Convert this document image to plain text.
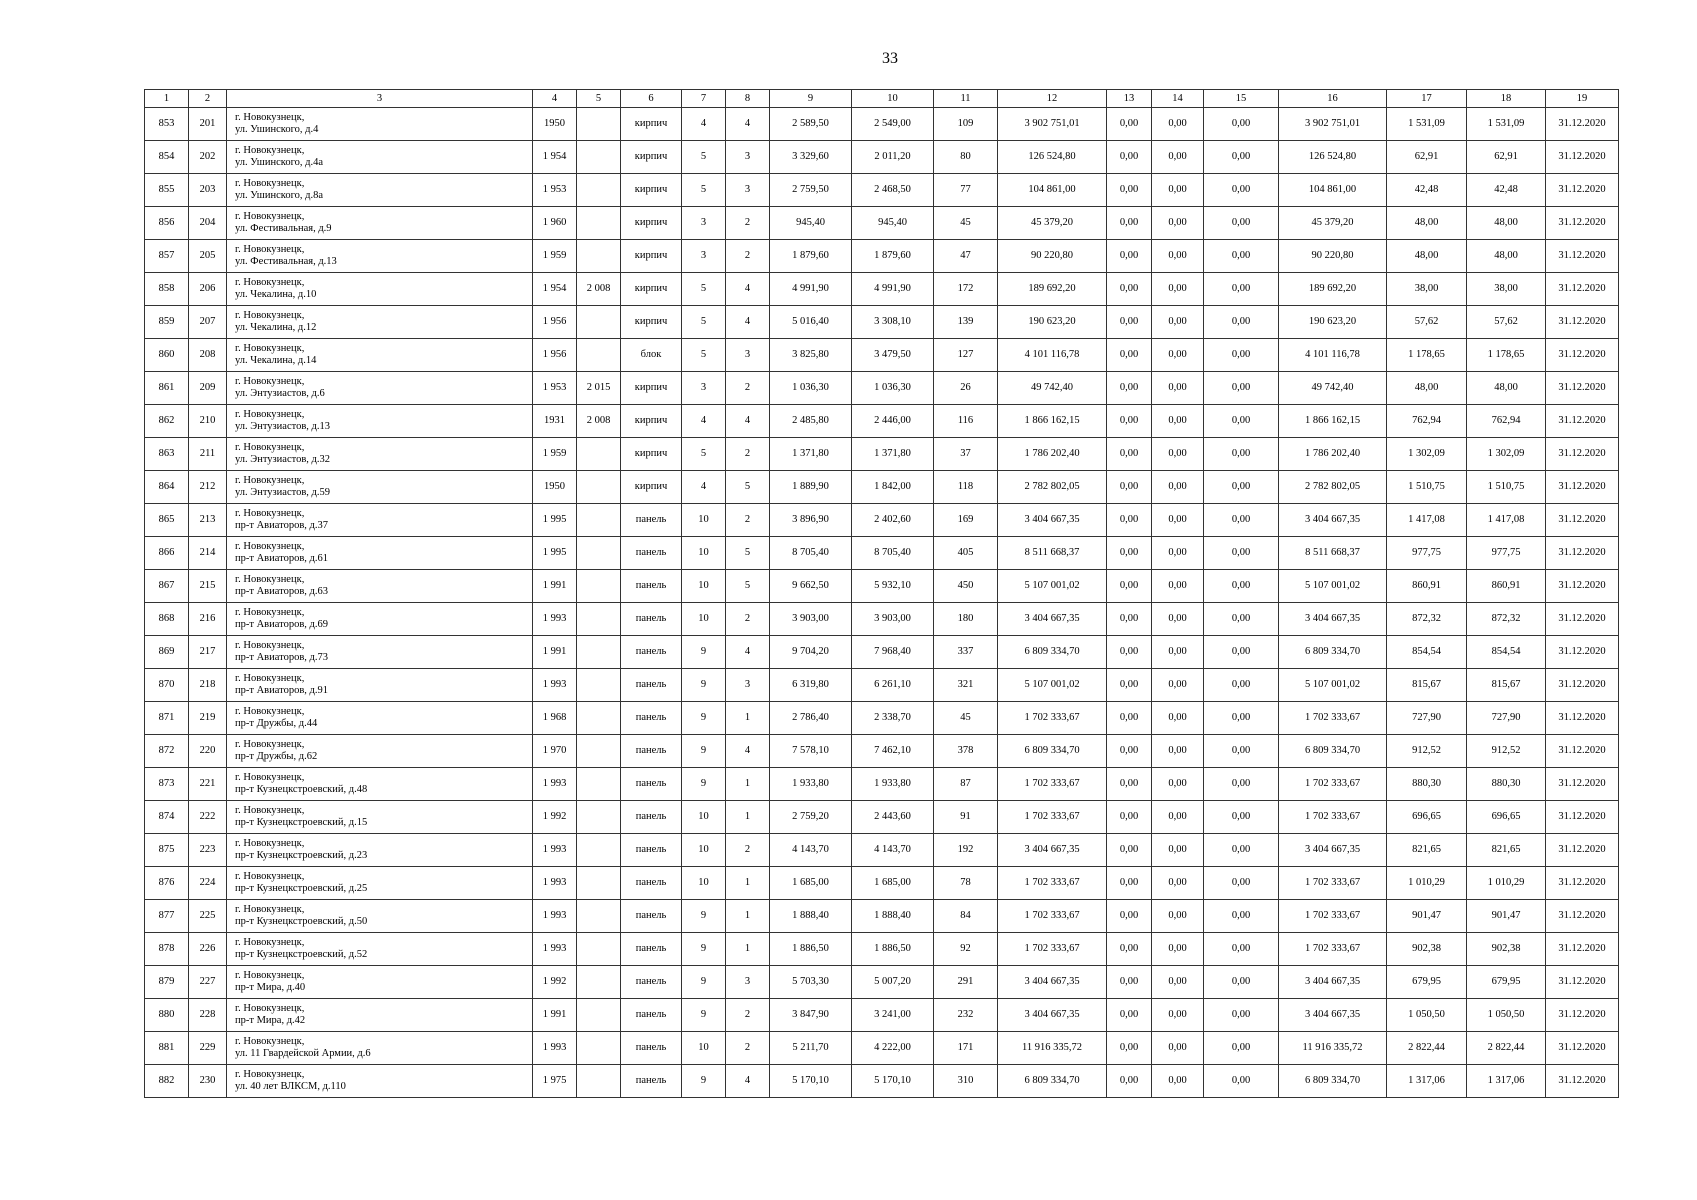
33
1	2	3	4	5	6	7	8	9	10	11	12	13	14	15	16	17	18	19
853	201	г. Новокузнецк,
ул. Ушинского, д.4	1950		кирпич	4	4	2 589,50	2 549,00	109	3 902 751,01	0,00	0,00	0,00	3 902 751,01	1 531,09	1 531,09	31.12.2020
854	202	г. Новокузнецк,
ул. Ушинского, д.4а	1 954		кирпич	5	3	3 329,60	2 011,20	80	126 524,80	0,00	0,00	0,00	126 524,80	62,91	62,91	31.12.2020
855	203	г. Новокузнецк,
ул. Ушинского, д.8а	1 953		кирпич	5	3	2 759,50	2 468,50	77	104 861,00	0,00	0,00	0,00	104 861,00	42,48	42,48	31.12.2020
856	204	г. Новокузнецк,
ул. Фестивальная, д.9	1 960		кирпич	3	2	945,40	945,40	45	45 379,20	0,00	0,00	0,00	45 379,20	48,00	48,00	31.12.2020
857	205	г. Новокузнецк,
ул. Фестивальная, д.13	1 959		кирпич	3	2	1 879,60	1 879,60	47	90 220,80	0,00	0,00	0,00	90 220,80	48,00	48,00	31.12.2020
858	206	г. Новокузнецк,
ул. Чекалина, д.10	1 954	2 008	кирпич	5	4	4 991,90	4 991,90	172	189 692,20	0,00	0,00	0,00	189 692,20	38,00	38,00	31.12.2020
859	207	г. Новокузнецк,
ул. Чекалина, д.12	1 956		кирпич	5	4	5 016,40	3 308,10	139	190 623,20	0,00	0,00	0,00	190 623,20	57,62	57,62	31.12.2020
860	208	г. Новокузнецк,
ул. Чекалина, д.14	1 956		блок	5	3	3 825,80	3 479,50	127	4 101 116,78	0,00	0,00	0,00	4 101 116,78	1 178,65	1 178,65	31.12.2020
861	209	г. Новокузнецк,
ул. Энтузиастов, д.6	1 953	2 015	кирпич	3	2	1 036,30	1 036,30	26	49 742,40	0,00	0,00	0,00	49 742,40	48,00	48,00	31.12.2020
862	210	г. Новокузнецк,
ул. Энтузиастов, д.13	1931	2 008	кирпич	4	4	2 485,80	2 446,00	116	1 866 162,15	0,00	0,00	0,00	1 866 162,15	762,94	762,94	31.12.2020
863	211	г. Новокузнецк,
ул. Энтузиастов, д.32	1 959		кирпич	5	2	1 371,80	1 371,80	37	1 786 202,40	0,00	0,00	0,00	1 786 202,40	1 302,09	1 302,09	31.12.2020
864	212	г. Новокузнецк,
ул. Энтузиастов, д.59	1950		кирпич	4	5	1 889,90	1 842,00	118	2 782 802,05	0,00	0,00	0,00	2 782 802,05	1 510,75	1 510,75	31.12.2020
865	213	г. Новокузнецк,
пр-т Авиаторов, д.37	1 995		панель	10	2	3 896,90	2 402,60	169	3 404 667,35	0,00	0,00	0,00	3 404 667,35	1 417,08	1 417,08	31.12.2020
866	214	г. Новокузнецк,
пр-т Авиаторов, д.61	1 995		панель	10	5	8 705,40	8 705,40	405	8 511 668,37	0,00	0,00	0,00	8 511 668,37	977,75	977,75	31.12.2020
867	215	г. Новокузнецк,
пр-т Авиаторов, д.63	1 991		панель	10	5	9 662,50	5 932,10	450	5 107 001,02	0,00	0,00	0,00	5 107 001,02	860,91	860,91	31.12.2020
868	216	г. Новокузнецк,
пр-т Авиаторов, д.69	1 993		панель	10	2	3 903,00	3 903,00	180	3 404 667,35	0,00	0,00	0,00	3 404 667,35	872,32	872,32	31.12.2020
869	217	г. Новокузнецк,
пр-т Авиаторов, д.73	1 991		панель	9	4	9 704,20	7 968,40	337	6 809 334,70	0,00	0,00	0,00	6 809 334,70	854,54	854,54	31.12.2020
870	218	г. Новокузнецк,
пр-т Авиаторов, д.91	1 993		панель	9	3	6 319,80	6 261,10	321	5 107 001,02	0,00	0,00	0,00	5 107 001,02	815,67	815,67	31.12.2020
871	219	г. Новокузнецк,
пр-т Дружбы, д.44	1 968		панель	9	1	2 786,40	2 338,70	45	1 702 333,67	0,00	0,00	0,00	1 702 333,67	727,90	727,90	31.12.2020
872	220	г. Новокузнецк,
пр-т Дружбы, д.62	1 970		панель	9	4	7 578,10	7 462,10	378	6 809 334,70	0,00	0,00	0,00	6 809 334,70	912,52	912,52	31.12.2020
873	221	г. Новокузнецк,
пр-т Кузнецкстроевский, д.48	1 993		панель	9	1	1 933,80	1 933,80	87	1 702 333,67	0,00	0,00	0,00	1 702 333,67	880,30	880,30	31.12.2020
874	222	г. Новокузнецк,
пр-т Кузнецкстроевский, д.15	1 992		панель	10	1	2 759,20	2 443,60	91	1 702 333,67	0,00	0,00	0,00	1 702 333,67	696,65	696,65	31.12.2020
875	223	г. Новокузнецк,
пр-т Кузнецкстроевский, д.23	1 993		панель	10	2	4 143,70	4 143,70	192	3 404 667,35	0,00	0,00	0,00	3 404 667,35	821,65	821,65	31.12.2020
876	224	г. Новокузнецк,
пр-т Кузнецкстроевский, д.25	1 993		панель	10	1	1 685,00	1 685,00	78	1 702 333,67	0,00	0,00	0,00	1 702 333,67	1 010,29	1 010,29	31.12.2020
877	225	г. Новокузнецк,
пр-т Кузнецкстроевский, д.50	1 993		панель	9	1	1 888,40	1 888,40	84	1 702 333,67	0,00	0,00	0,00	1 702 333,67	901,47	901,47	31.12.2020
878	226	г. Новокузнецк,
пр-т Кузнецкстроевский, д.52	1 993		панель	9	1	1 886,50	1 886,50	92	1 702 333,67	0,00	0,00	0,00	1 702 333,67	902,38	902,38	31.12.2020
879	227	г. Новокузнецк,
пр-т Мира, д.40	1 992		панель	9	3	5 703,30	5 007,20	291	3 404 667,35	0,00	0,00	0,00	3 404 667,35	679,95	679,95	31.12.2020
880	228	г. Новокузнецк,
пр-т Мира, д.42	1 991		панель	9	2	3 847,90	3 241,00	232	3 404 667,35	0,00	0,00	0,00	3 404 667,35	1 050,50	1 050,50	31.12.2020
881	229	г. Новокузнецк,
ул. 11 Гвардейской Армии, д.6	1 993		панель	10	2	5 211,70	4 222,00	171	11 916 335,72	0,00	0,00	0,00	11 916 335,72	2 822,44	2 822,44	31.12.2020
882	230	г. Новокузнецк,
ул. 40 лет ВЛКСМ, д.110	1 975		панель	9	4	5 170,10	5 170,10	310	6 809 334,70	0,00	0,00	0,00	6 809 334,70	1 317,06	1 317,06	31.12.2020
